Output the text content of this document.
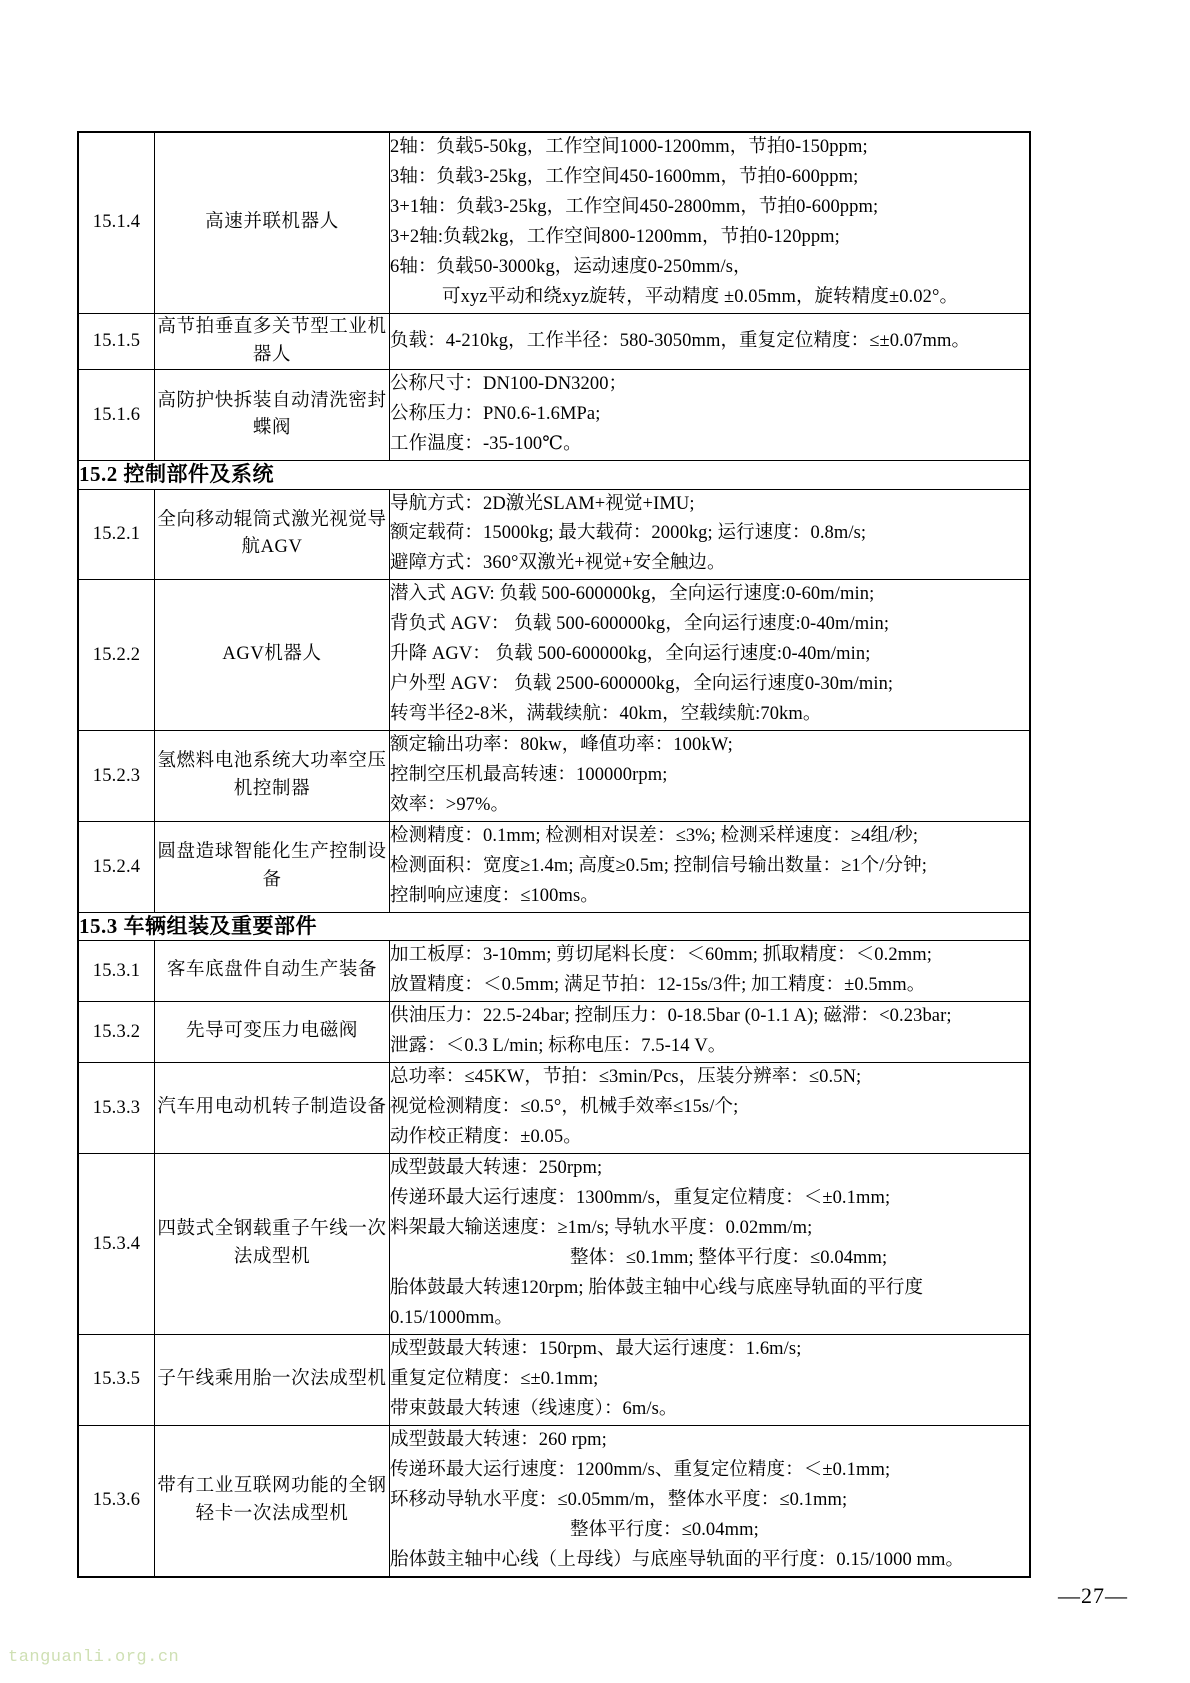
15.1.4	高速并联机器人	
2轴：负载5-50kg，工作空间1000-1200mm，节拍0-150ppm;
3轴：负载3-25kg，工作空间450-1600mm，节拍0-600ppm;
3+1轴：负载3-25kg，工作空间450-2800mm，节拍0-600ppm;
3+2轴:负载2kg，工作空间800-1200mm，节拍0-120ppm;
6轴：负载50-3000kg，运动速度0-250mm/s，
可xyz平动和绕xyz旋转，平动精度 ±0.05mm，旋转精度±0.02°。

15.1.5	高节拍垂直多关节型工业机器人	负载：4-210kg，工作半径：580-3050mm，重复定位精度：≤±0.07mm。

15.1.6	高防护快拆装自动清洗密封蝶阀	公称尺寸：DN100-DN3200；
公称压力：PN0.6-1.6MPa;
工作温度：-35-100℃。

15.2 控制部件及系统		
15.2.1	全向移动辊筒式激光视觉导航AGV	导航方式：2D激光SLAM+视觉+IMU;
额定载荷：15000kg; 最大载荷：2000kg; 运行速度：0.8m/s;
避障方式：360°双激光+视觉+安全触边。

15.2.2	AGV机器人	潜入式 AGV: 负载 500-600000kg，全向运行速度:0-60m/min;
背负式 AGV： 负载 500-600000kg，全向运行速度:0-40m/min;
升降 AGV： 负载 500-600000kg，全向运行速度:0-40m/min;
户外型 AGV： 负载 2500-600000kg，全向运行速度0-30m/min;
转弯半径2-8米，满载续航：40km，空载续航:70km。

15.2.3	氢燃料电池系统大功率空压机控制器	额定输出功率：80kw，峰值功率：100kW;
控制空压机最高转速：100000rpm;
效率：>97%。

15.2.4	圆盘造球智能化生产控制设备	检测精度：0.1mm; 检测相对误差：≤3%; 检测采样速度：≥4组/秒;
检测面积：宽度≥1.4m; 高度≥0.5m; 控制信号输出数量：≥1个/分钟;
控制响应速度：≤100ms。

15.3 车辆组装及重要部件		
15.3.1	客车底盘件自动生产装备	加工板厚：3-10mm; 剪切尾料长度：＜60mm; 抓取精度：＜0.2mm;
放置精度：＜0.5mm; 满足节拍：12-15s/3件; 加工精度：±0.5mm。

15.3.2	先导可变压力电磁阀	供油压力：22.5-24bar; 控制压力：0-18.5bar (0-1.1 A); 磁滞：<0.23bar;
泄露：＜0.3 L/min; 标称电压：7.5-14 V。

15.3.3	汽车用电动机转子制造设备	总功率：≤45KW，节拍：≤3min/Pcs，压装分辨率：≤0.5N;
视觉检测精度：≤0.5°，机械手效率≤15s/个;
动作校正精度：±0.05。

15.3.4	四鼓式全钢载重子午线一次法成型机	
成型鼓最大转速：250rpm;
传递环最大运行速度：1300mm/s，重复定位精度：＜±0.1mm;
料架最大输送速度：≥1m/s; 导轨水平度：0.02mm/m;
整体：≤0.1mm; 整体平行度：≤0.04mm;
胎体鼓最大转速120rpm; 胎体鼓主轴中心线与底座导轨面的平行度
0.15/1000mm。

15.3.5	子午线乘用胎一次法成型机	成型鼓最大转速：150rpm、最大运行速度：1.6m/s;
重复定位精度：≤±0.1mm;
带束鼓最大转速（线速度）：6m/s。

15.3.6	带有工业互联网功能的全钢轻卡一次法成型机	成型鼓最大转速：260 rpm;
传递环最大运行速度：1200mm/s、重复定位精度：＜±0.1mm;
环移动导轨水平度：≤0.05mm/m，整体水平度：≤0.1mm;
整体平行度：≤0.04mm;
胎体鼓主轴中心线（上母线）与底座导轨面的平行度：0.15/1000 mm。
—27—
tanguanli.org.cn
